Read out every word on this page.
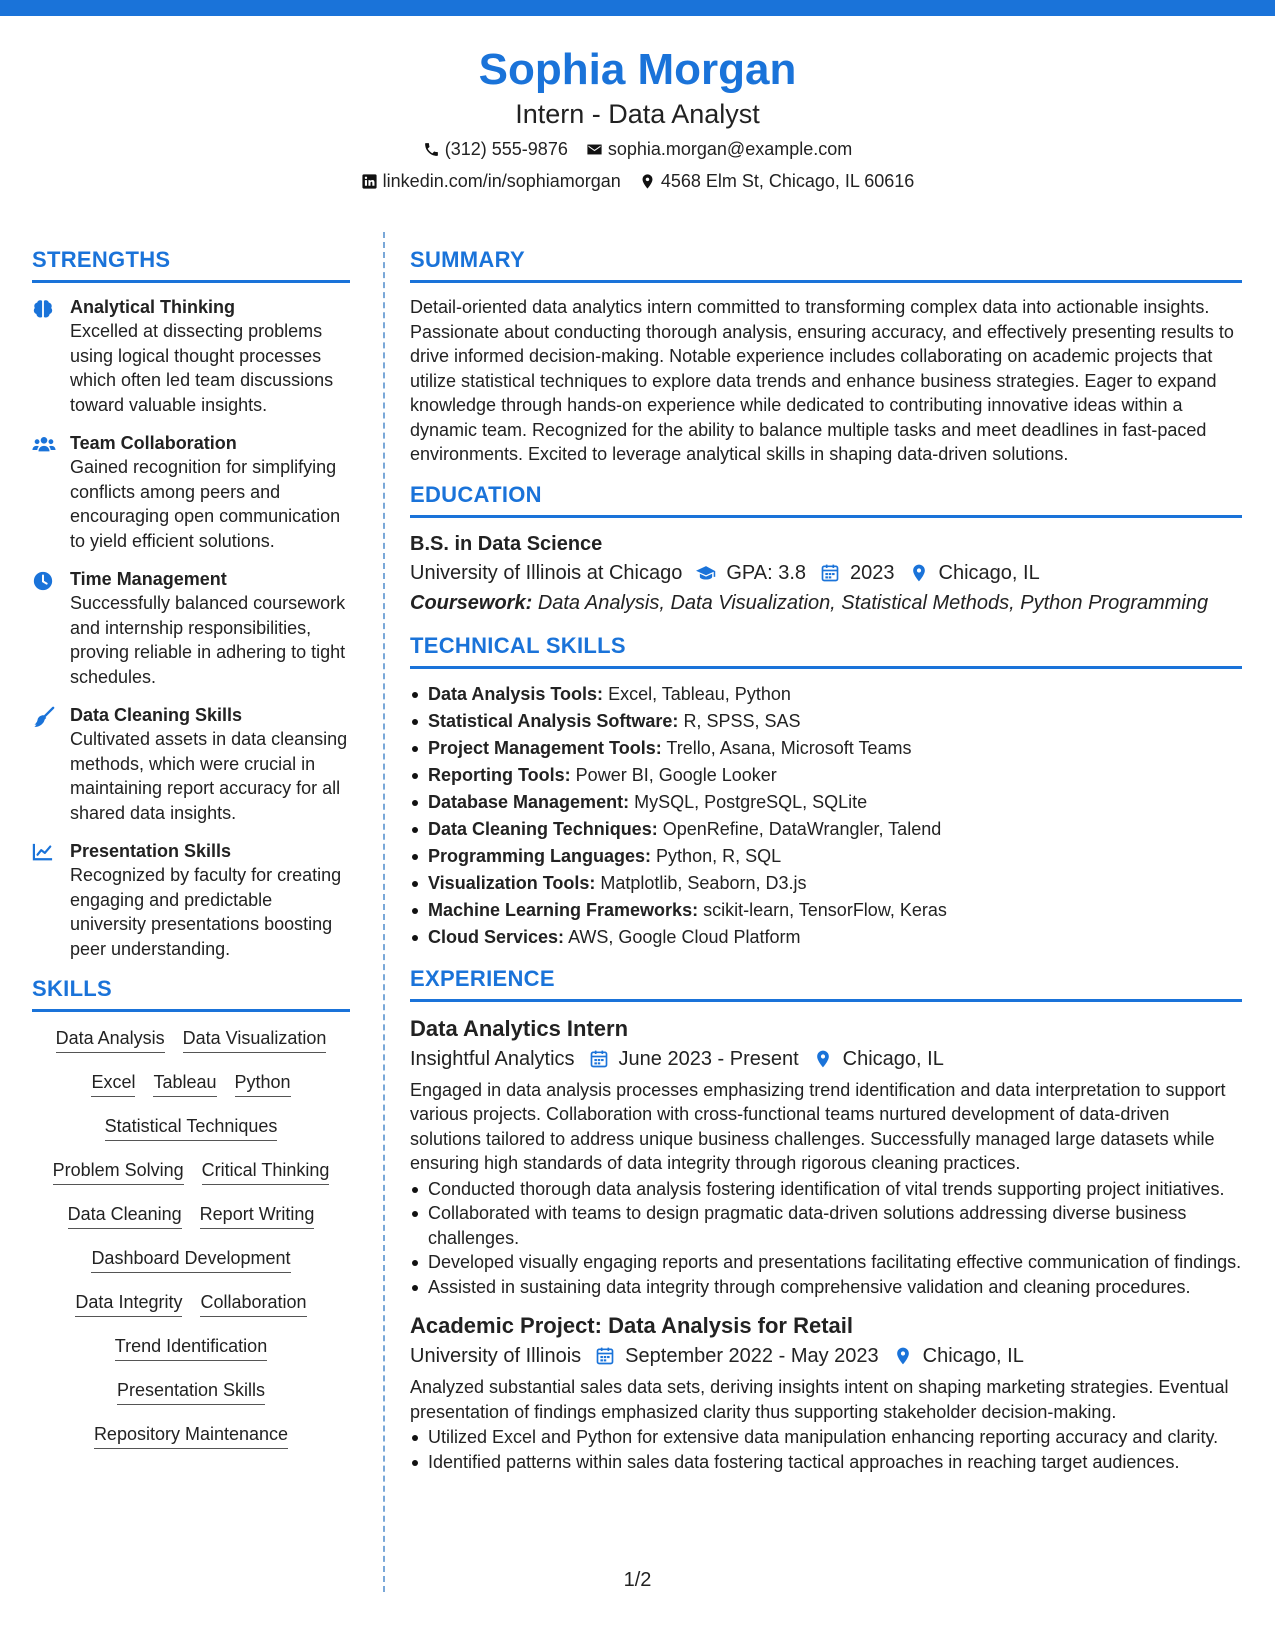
Sophia Morgan
Intern - Data Analyst
(312) 555-9876 sophia.morgan@example.com
linkedin.com/in/sophiamorgan 4568 Elm St, Chicago, IL 60616
STRENGTHS
Analytical Thinking
Excelled at dissecting problems using logical thought processes which often led team discussions toward valuable insights.
Team Collaboration
Gained recognition for simplifying conflicts among peers and encouraging open communication to yield efficient solutions.
Time Management
Successfully balanced coursework and internship responsibilities, proving reliable in adhering to tight schedules.
Data Cleaning Skills
Cultivated assets in data cleansing methods, which were crucial in maintaining report accuracy for all shared data insights.
Presentation Skills
Recognized by faculty for creating engaging and predictable university presentations boosting peer understanding.
SKILLS
Data Analysis Data Visualization
Excel Tableau Python
Statistical Techniques
Problem Solving Critical Thinking
Data Cleaning Report Writing
Dashboard Development
Data Integrity Collaboration
Trend Identification
Presentation Skills
Repository Maintenance
SUMMARY
Detail-oriented data analytics intern committed to transforming complex data into actionable insights. Passionate about conducting thorough analysis, ensuring accuracy, and effectively presenting results to drive informed decision-making. Notable experience includes collaborating on academic projects that utilize statistical techniques to explore data trends and enhance business strategies. Eager to expand knowledge through hands-on experience while dedicated to contributing innovative ideas within a dynamic team. Recognized for the ability to balance multiple tasks and meet deadlines in fast-paced environments. Excited to leverage analytical skills in shaping data-driven solutions.
EDUCATION
B.S. in Data Science
University of Illinois at Chicago GPA: 3.8 2023 Chicago, IL
Coursework: Data Analysis, Data Visualization, Statistical Methods, Python Programming
TECHNICAL SKILLS
Data Analysis Tools: Excel, Tableau, Python
Statistical Analysis Software: R, SPSS, SAS
Project Management Tools: Trello, Asana, Microsoft Teams
Reporting Tools: Power BI, Google Looker
Database Management: MySQL, PostgreSQL, SQLite
Data Cleaning Techniques: OpenRefine, DataWrangler, Talend
Programming Languages: Python, R, SQL
Visualization Tools: Matplotlib, Seaborn, D3.js
Machine Learning Frameworks: scikit-learn, TensorFlow, Keras
Cloud Services: AWS, Google Cloud Platform
EXPERIENCE
Data Analytics Intern
Insightful Analytics June 2023 - Present Chicago, IL
Engaged in data analysis processes emphasizing trend identification and data interpretation to support various projects. Collaboration with cross-functional teams nurtured development of data-driven solutions tailored to address unique business challenges. Successfully managed large datasets while ensuring high standards of data integrity through rigorous cleaning practices.
Conducted thorough data analysis fostering identification of vital trends supporting project initiatives.
Collaborated with teams to design pragmatic data-driven solutions addressing diverse business challenges.
Developed visually engaging reports and presentations facilitating effective communication of findings.
Assisted in sustaining data integrity through comprehensive validation and cleaning procedures.
Academic Project: Data Analysis for Retail
University of Illinois September 2022 - May 2023 Chicago, IL
Analyzed substantial sales data sets, deriving insights intent on shaping marketing strategies. Eventual presentation of findings emphasized clarity thus supporting stakeholder decision-making.
Utilized Excel and Python for extensive data manipulation enhancing reporting accuracy and clarity.
Identified patterns within sales data fostering tactical approaches in reaching target audiences.
1/2
